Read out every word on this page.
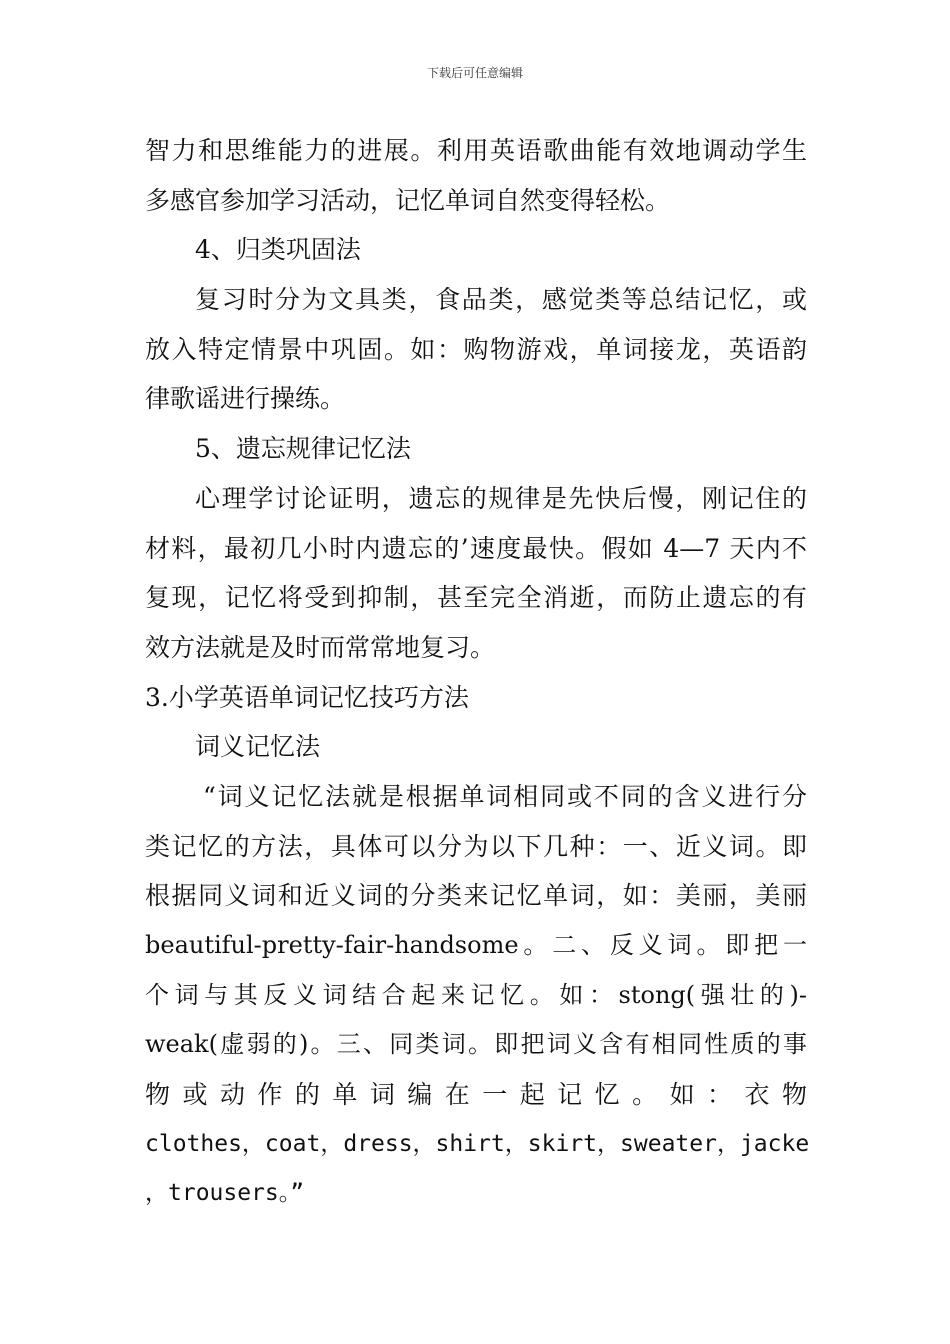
下载后可任意编辑
智力和思维能力的进展。利用英语歌曲能有效地调动学生
多感官参加学习活动，记忆单词自然变得轻松。
4、归类巩固法
复习时分为文具类，食品类，感觉类等总结记忆，或
放入特定情景中巩固。如：购物游戏，单词接龙，英语韵
律歌谣进行操练。
5、遗忘规律记忆法
心理学讨论证明，遗忘的规律是先快后慢，刚记住的
材料，最初几小时内遗忘的’速度最快。假如 4—7 天内不
复现，记忆将受到抑制，甚至完全消逝，而防止遗忘的有
效方法就是及时而常常地复习。
3.小学英语单词记忆技巧方法
词义记忆法
“词义记忆法就是根据单词相同或不同的含义进行分
类记忆的方法，具体可以分为以下几种：一、近义词。即
根据同义词和近义词的分类来记忆单词，如：美丽，美丽
beautiful-pretty-fair-handsome。二、反义词。即把一
个词与其反义词结合起来记忆。如：stong(强壮的)-
weak(虚弱的)。三、同类词。即把词义含有相同性质的事
物或动作的单词编在一起记忆。如：衣物
clothes，coat，dress，shirt，skirt，sweater，jacke
，trousers。”
